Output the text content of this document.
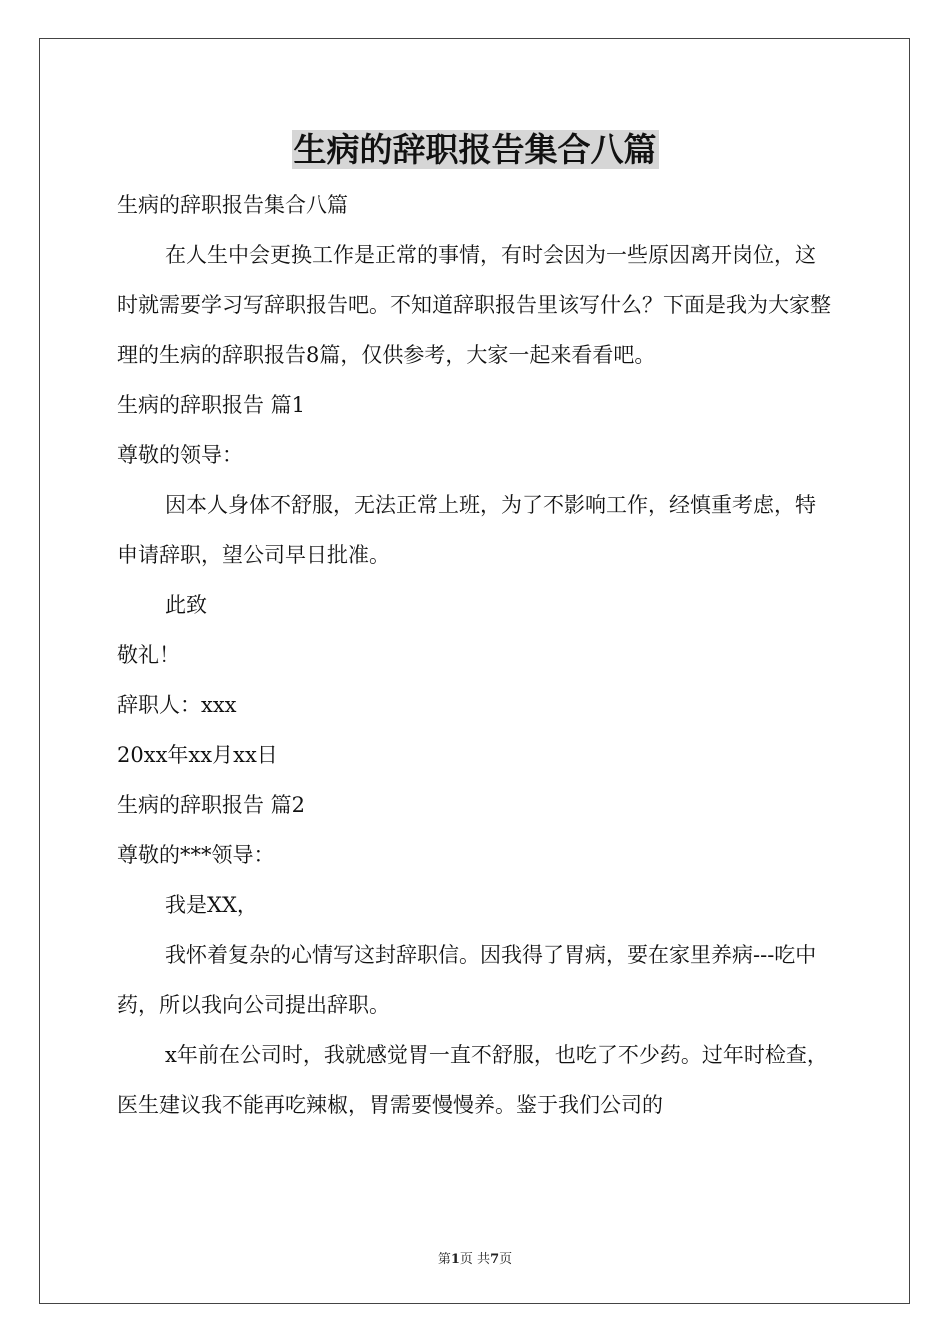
生病的辞职报告集合八篇

生病的辞职报告集合八篇

在人生中会更换工作是正常的事情，有时会因为一些原因离开岗位，这时就需要学习写辞职报告吧。不知道辞职报告里该写什么？下面是我为大家整理的生病的辞职报告8篇，仅供参考，大家一起来看看吧。

生病的辞职报告 篇1

尊敬的领导：

因本人身体不舒服，无法正常上班，为了不影响工作，经慎重考虑，特申请辞职，望公司早日批准。

此致

敬礼！

辞职人：xxx

20xx年xx月xx日

生病的辞职报告 篇2

尊敬的***领导：

我是XX，

我怀着复杂的心情写这封辞职信。因我得了胃病，要在家里养病---吃中药，所以我向公司提出辞职。

x年前在公司时，我就感觉胃一直不舒服，也吃了不少药。过年时检查，医生建议我不能再吃辣椒，胃需要慢慢养。鉴于我们公司的

第1页 共7页
